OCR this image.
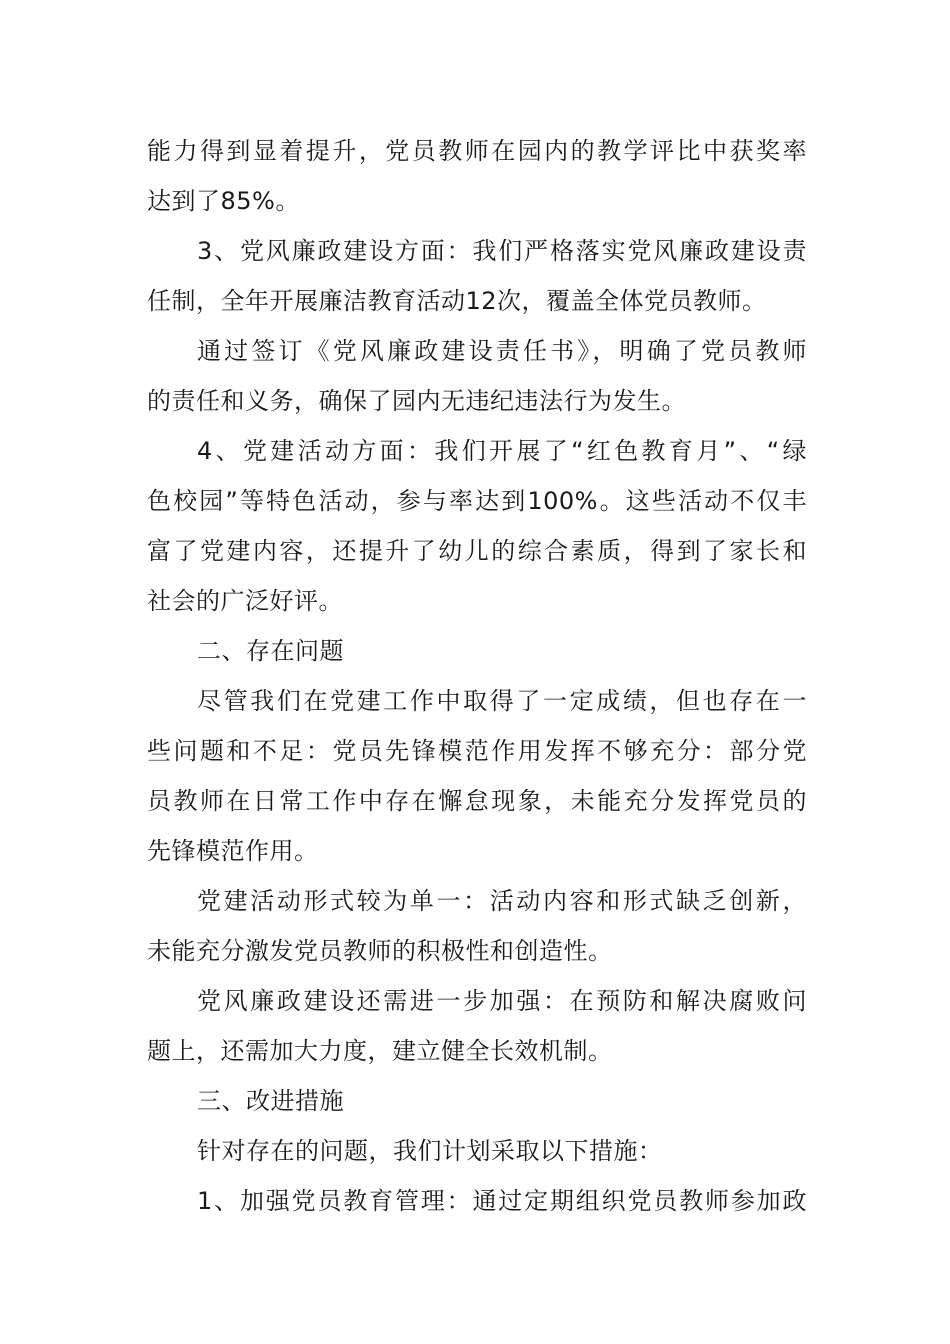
能力得到显着提升，党员教师在园内的教学评比中获奖率
达到了85%。
3、党风廉政建设方面：我们严格落实党风廉政建设责
任制，全年开展廉洁教育活动12次，覆盖全体党员教师。
通过签订《党风廉政建设责任书》，明确了党员教师
的责任和义务，确保了园内无违纪违法行为发生。
4、党建活动方面：我们开展了“红色教育月”、“绿
色校园”等特色活动，参与率达到100%。这些活动不仅丰
富了党建内容，还提升了幼儿的综合素质，得到了家长和
社会的广泛好评。
二、存在问题
尽管我们在党建工作中取得了一定成绩，但也存在一
些问题和不足：党员先锋模范作用发挥不够充分：部分党
员教师在日常工作中存在懈怠现象，未能充分发挥党员的
先锋模范作用。
党建活动形式较为单一：活动内容和形式缺乏创新，
未能充分激发党员教师的积极性和创造性。
党风廉政建设还需进一步加强：在预防和解决腐败问
题上，还需加大力度，建立健全长效机制。
三、改进措施
针对存在的问题，我们计划采取以下措施：
1、加强党员教育管理：通过定期组织党员教师参加政
